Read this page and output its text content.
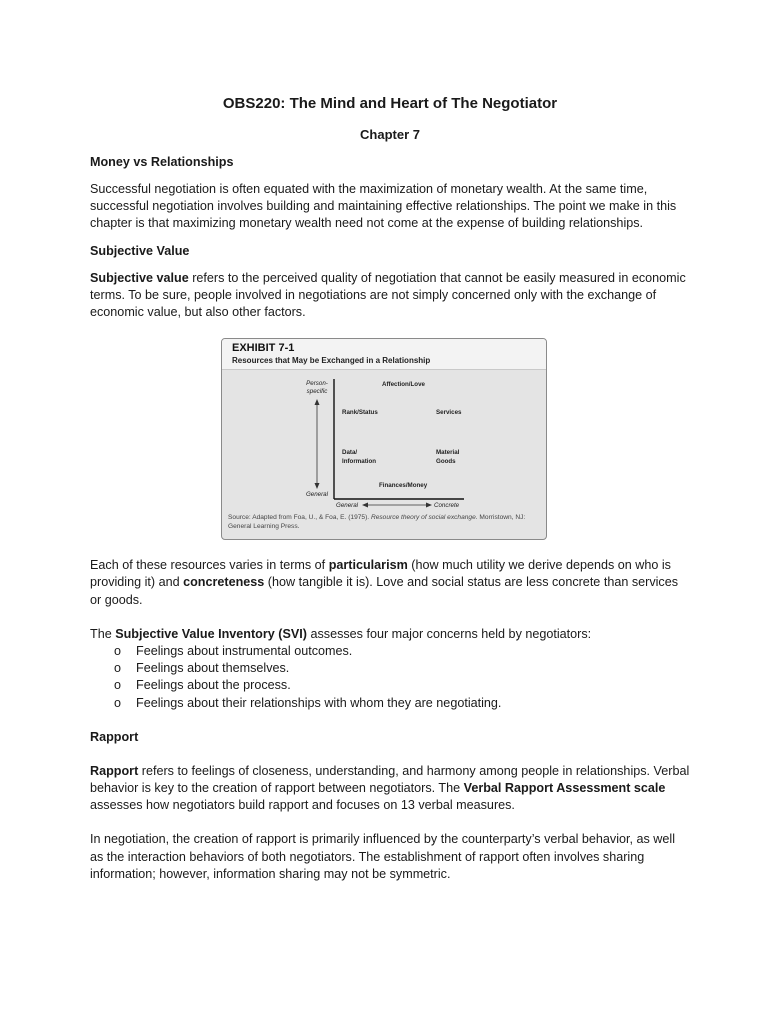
OBS220: The Mind and Heart of The Negotiator
Chapter 7
Money vs Relationships

Successful negotiation is often equated with the maximization of monetary wealth. At the same time, successful negotiation involves building and maintaining effective relationships. The point we make in this chapter is that maximizing monetary wealth need not come at the expense of building relationships.

Subjective Value

Subjective value refers to the perceived quality of negotiation that cannot be easily measured in economic terms. To be sure, people involved in negotiations are not simply concerned only with the exchange of economic value, but also other factors.

EXHIBIT 7-1
Resources that May be Exchanged in a Relationship
Person-
specific
General
General	Concrete
Affection/Love
Rank/Status	Services
Data/
Information
Material
Goods
Finances/Money
Source: Adapted from Foa, U., & Foa, E. (1975). Resource theory of social exchange. Morristown, NJ: General Learning Press.

Each of these resources varies in terms of particularism (how much utility we derive depends on who is providing it) and concreteness (how tangible it is). Love and social status are less concrete than services or goods.

The Subjective Value Inventory (SVI) assesses four major concerns held by negotiators:

o Feelings about instrumental outcomes.
o Feelings about themselves.
o Feelings about the process.
o Feelings about their relationships with whom they are negotiating.
Rapport

Rapport refers to feelings of closeness, understanding, and harmony among people in relationships. Verbal behavior is key to the creation of rapport between negotiators. The Verbal Rapport Assessment scale assesses how negotiators build rapport and focuses on 13 verbal measures.

In negotiation, the creation of rapport is primarily influenced by the counterparty’s verbal behavior, as well as the interaction behaviors of both negotiators. The establishment of rapport often involves sharing information; however, information sharing may not be symmetric.
